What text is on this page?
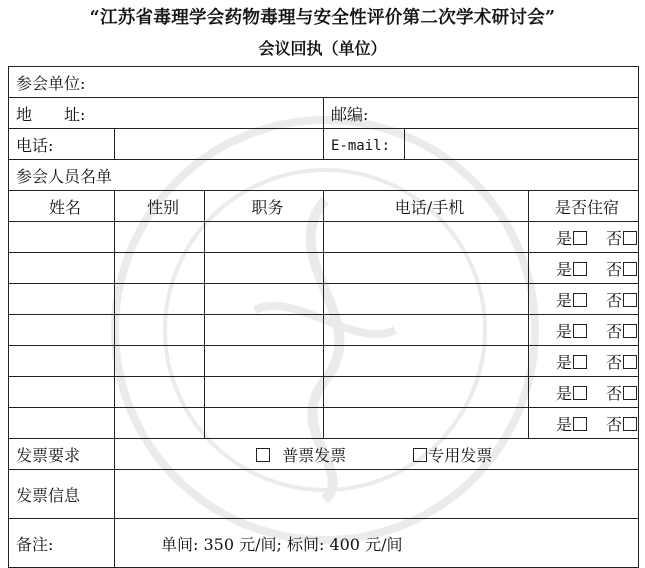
“江苏省毒理学会药物毒理与安全性评价第二次学术研讨会”
会议回执（单位）
参会单位:					
地　　址:			邮编:		
电话:			E-mail:		
参会人员名单					
姓名	性别	职务	电话/手机		是否住宿
					是 否
					是 否
					是 否
					是 否
					是 否
					是 否
					是 否
发票要求	普票发票 专用发票				
发票信息					
备注:	单间: 350 元/间; 标间: 400 元/间				
